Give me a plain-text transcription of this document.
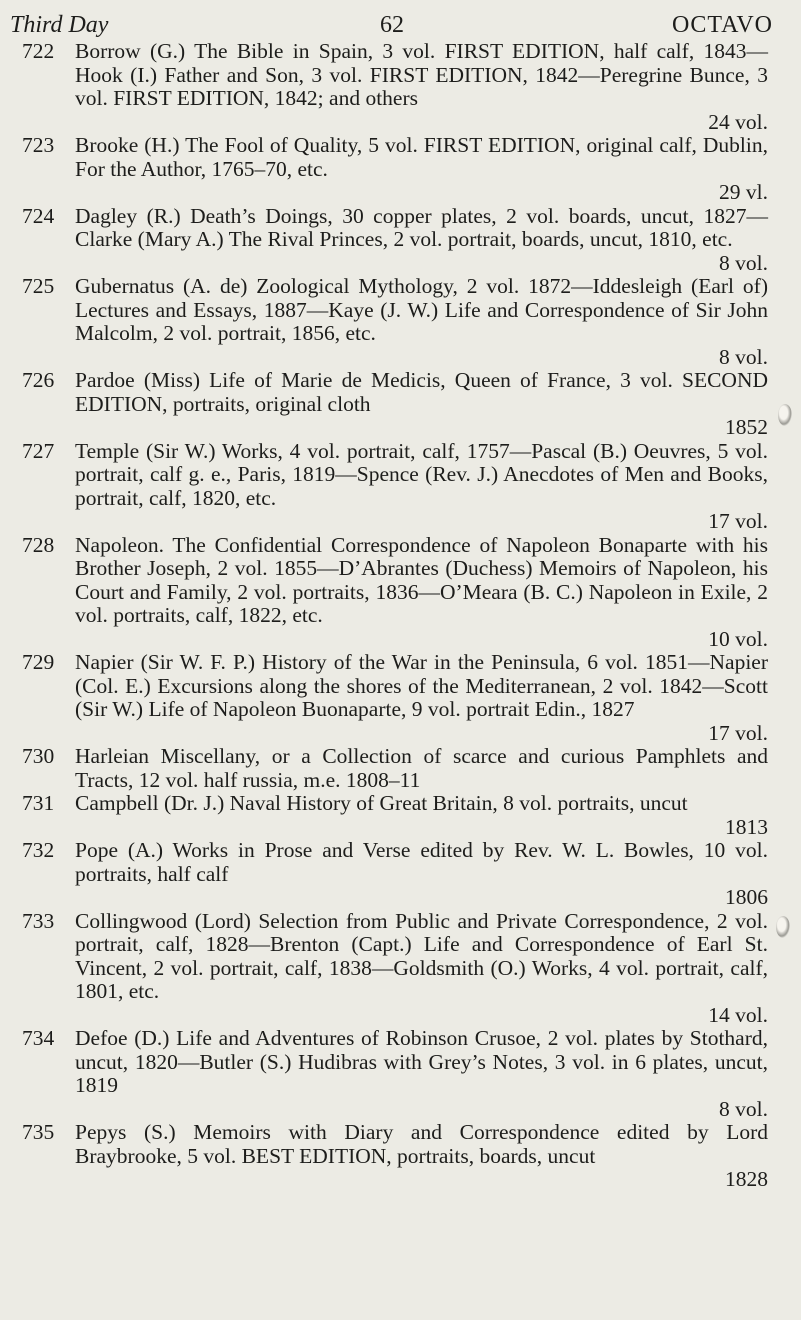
Third Day	62	OCTAVO
722 Borrow (G.) The Bible in Spain, 3 vol. FIRST EDITION, half calf, 1843—Hook (I.) Father and Son, 3 vol. FIRST EDITION, 1842—Peregrine Bunce, 3 vol. FIRST EDITION, 1842; and others
24 vol.
723 Brooke (H.) The Fool of Quality, 5 vol. FIRST EDITION, original calf, Dublin, For the Author, 1765–70, etc.
29 vl.
724 Dagley (R.) Death’s Doings, 30 copper plates, 2 vol. boards, uncut, 1827—Clarke (Mary A.) The Rival Princes, 2 vol. portrait, boards, uncut, 1810, etc.
8 vol.
725 Gubernatus (A. de) Zoological Mythology, 2 vol. 1872—Iddesleigh (Earl of) Lectures and Essays, 1887—Kaye (J. W.) Life and Correspondence of Sir John Malcolm, 2 vol. portrait, 1856, etc.
8 vol.
726 Pardoe (Miss) Life of Marie de Medicis, Queen of France, 3 vol. SECOND EDITION, portraits, original cloth
1852
727 Temple (Sir W.) Works, 4 vol. portrait, calf, 1757—Pascal (B.) Oeuvres, 5 vol. portrait, calf g. e., Paris, 1819—Spence (Rev. J.) Anecdotes of Men and Books, portrait, calf, 1820, etc.
17 vol.
728 Napoleon. The Confidential Correspondence of Napoleon Bonaparte with his Brother Joseph, 2 vol. 1855—D’Abrantes (Duchess) Memoirs of Napoleon, his Court and Family, 2 vol. portraits, 1836—O’Meara (B. C.) Napoleon in Exile, 2 vol. portraits, calf, 1822, etc.
10 vol.
729 Napier (Sir W. F. P.) History of the War in the Peninsula, 6 vol. 1851—Napier (Col. E.) Excursions along the shores of the Mediterranean, 2 vol. 1842—Scott (Sir W.) Life of Napoleon Buonaparte, 9 vol. portrait Edin., 1827
17 vol.
730 Harleian Miscellany, or a Collection of scarce and curious Pamphlets and Tracts, 12 vol. half russia, m.e. 1808–11
731 Campbell (Dr. J.) Naval History of Great Britain, 8 vol. portraits, uncut
1813
732 Pope (A.) Works in Prose and Verse edited by Rev. W. L. Bowles, 10 vol. portraits, half calf
1806
733 Collingwood (Lord) Selection from Public and Private Correspondence, 2 vol. portrait, calf, 1828—Brenton (Capt.) Life and Correspondence of Earl St. Vincent, 2 vol. portrait, calf, 1838—Goldsmith (O.) Works, 4 vol. portrait, calf, 1801, etc.
14 vol.
734 Defoe (D.) Life and Adventures of Robinson Crusoe, 2 vol. plates by Stothard, uncut, 1820—Butler (S.) Hudibras with Grey’s Notes, 3 vol. in 6 plates, uncut, 1819
8 vol.
735 Pepys (S.) Memoirs with Diary and Correspondence edited by Lord Braybrooke, 5 vol. BEST EDITION, portraits, boards, uncut
1828
